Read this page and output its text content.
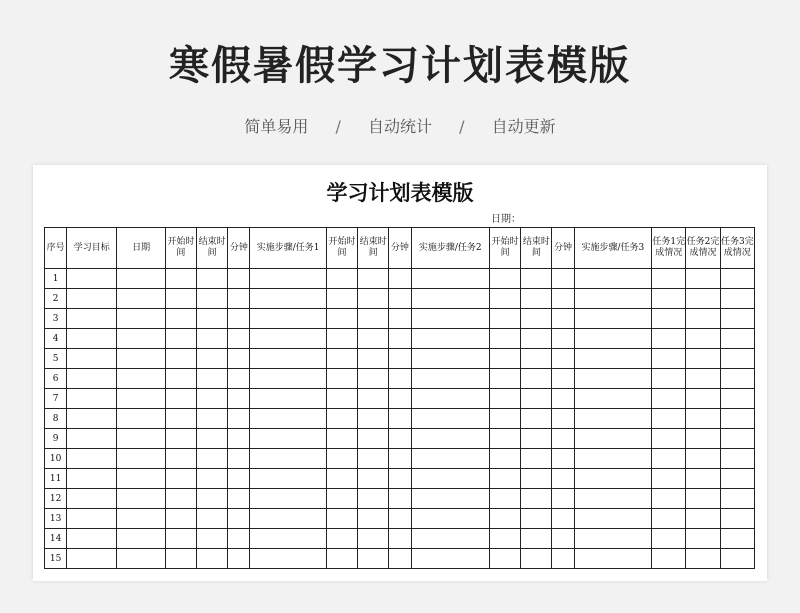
寒假暑假学习计划表模版
简单易用 / 自动统计 / 自动更新
学习计划表模版
日期：
序号	学习目标	日期	开始时间	结束时间	分钟	实施步骤/任务1	开始时间	结束时间	分钟	实施步骤/任务2	开始时间	结束时间	分钟	实施步骤/任务3	任务1完成情况	任务2完成情况	任务3完成情况
1																	
2																	
3																	
4																	
5																	
6																	
7																	
8																	
9																	
10																	
11																	
12																	
13																	
14																	
15																	
